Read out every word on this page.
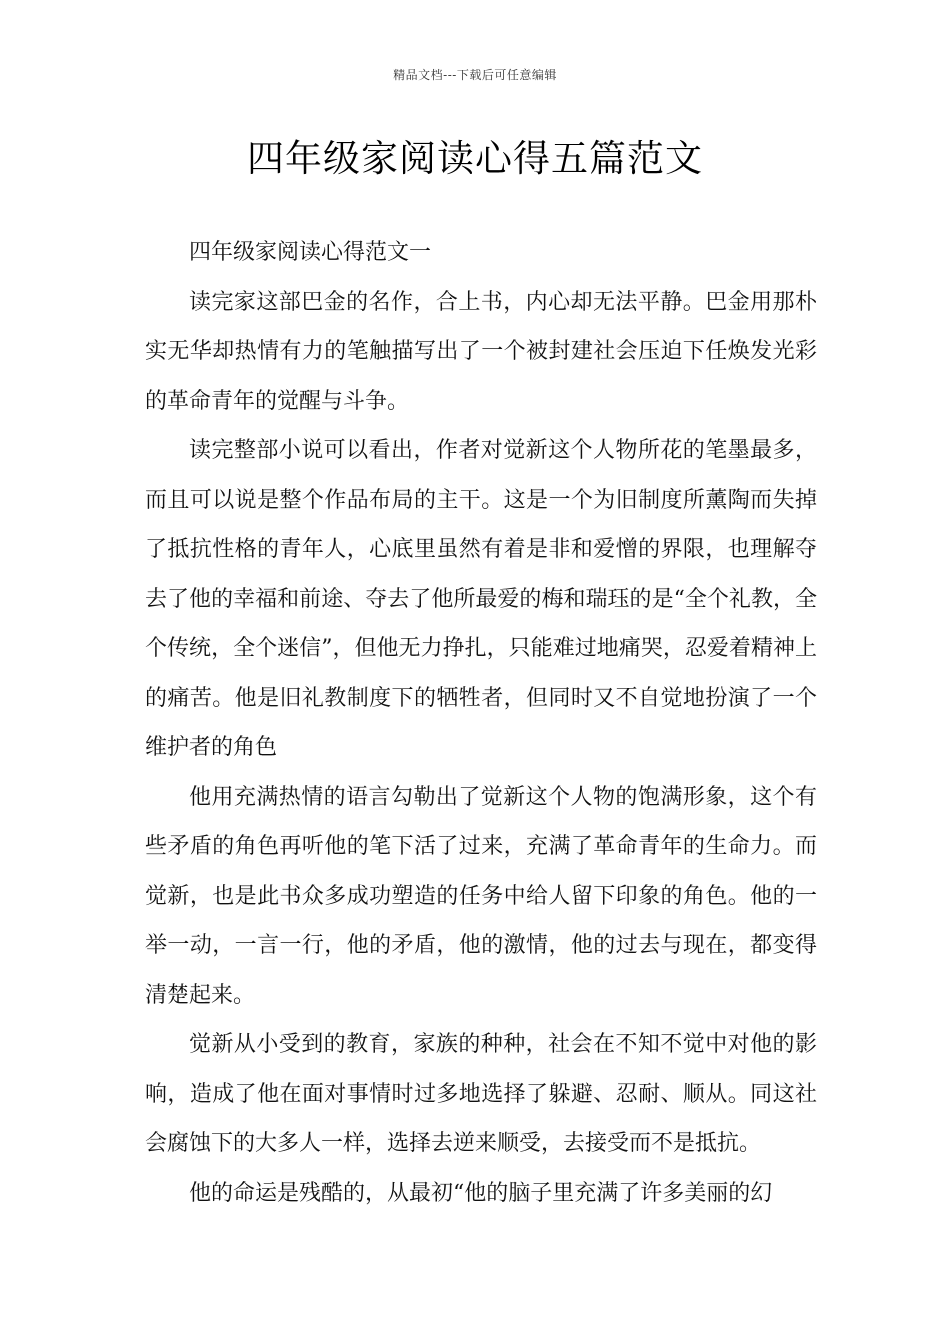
精品文档---下载后可任意编辑
四年级家阅读心得五篇范文

四年级家阅读心得范文一

读完家这部巴金的名作，合上书，内心却无法平静。巴金用那朴实无华却热情有力的笔触描写出了一个被封建社会压迫下任焕发光彩的革命青年的觉醒与斗争。

读完整部小说可以看出，作者对觉新这个人物所花的笔墨最多，而且可以说是整个作品布局的主干。这是一个为旧制度所薰陶而失掉了抵抗性格的青年人，心底里虽然有着是非和爱憎的界限，也理解夺去了他的幸福和前途、夺去了他所最爱的梅和瑞珏的是“全个礼教，全个传统，全个迷信”，但他无力挣扎，只能难过地痛哭，忍爱着精神上的痛苦。他是旧礼教制度下的牺牲者，但同时又不自觉地扮演了一个维护者的角色

他用充满热情的语言勾勒出了觉新这个人物的饱满形象，这个有些矛盾的角色再听他的笔下活了过来，充满了革命青年的生命力。而觉新，也是此书众多成功塑造的任务中给人留下印象的角色。他的一举一动，一言一行，他的矛盾，他的激情，他的过去与现在，都变得清楚起来。

觉新从小受到的教育，家族的种种，社会在不知不觉中对他的影响，造成了他在面对事情时过多地选择了躲避、忍耐、顺从。同这社会腐蚀下的大多人一样，选择去逆来顺受，去接受而不是抵抗。

他的命运是残酷的，从最初“他的脑子里充满了许多美丽的幻
